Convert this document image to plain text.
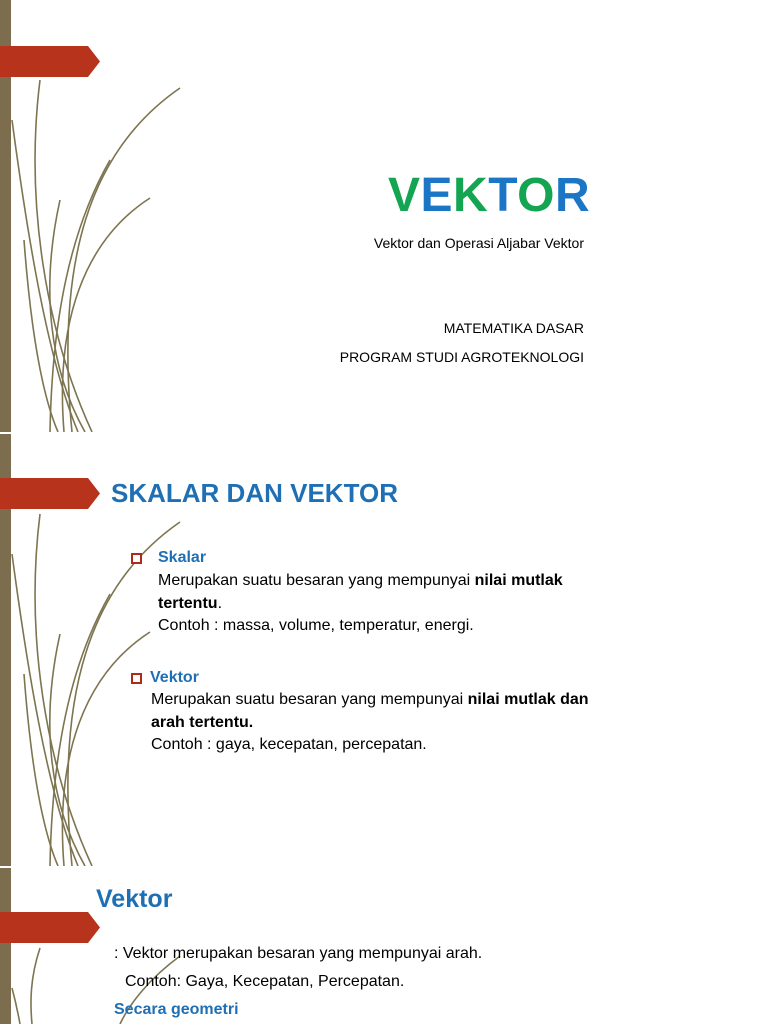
VEKTOR
Vektor dan Operasi Aljabar Vektor
MATEMATIKA DASAR
PROGRAM STUDI AGROTEKNOLOGI
SKALAR DAN VEKTOR
Skalar
Merupakan suatu besaran yang mempunyai nilai mutlak
tertentu.
Contoh : massa, volume, temperatur, energi.
Vektor
Merupakan suatu besaran yang mempunyai nilai mutlak dan
arah tertentu.
Contoh : gaya, kecepatan, percepatan.
Vektor
: Vektor merupakan besaran yang mempunyai arah.
Contoh: Gaya, Kecepatan, Percepatan.
Secara geometri
